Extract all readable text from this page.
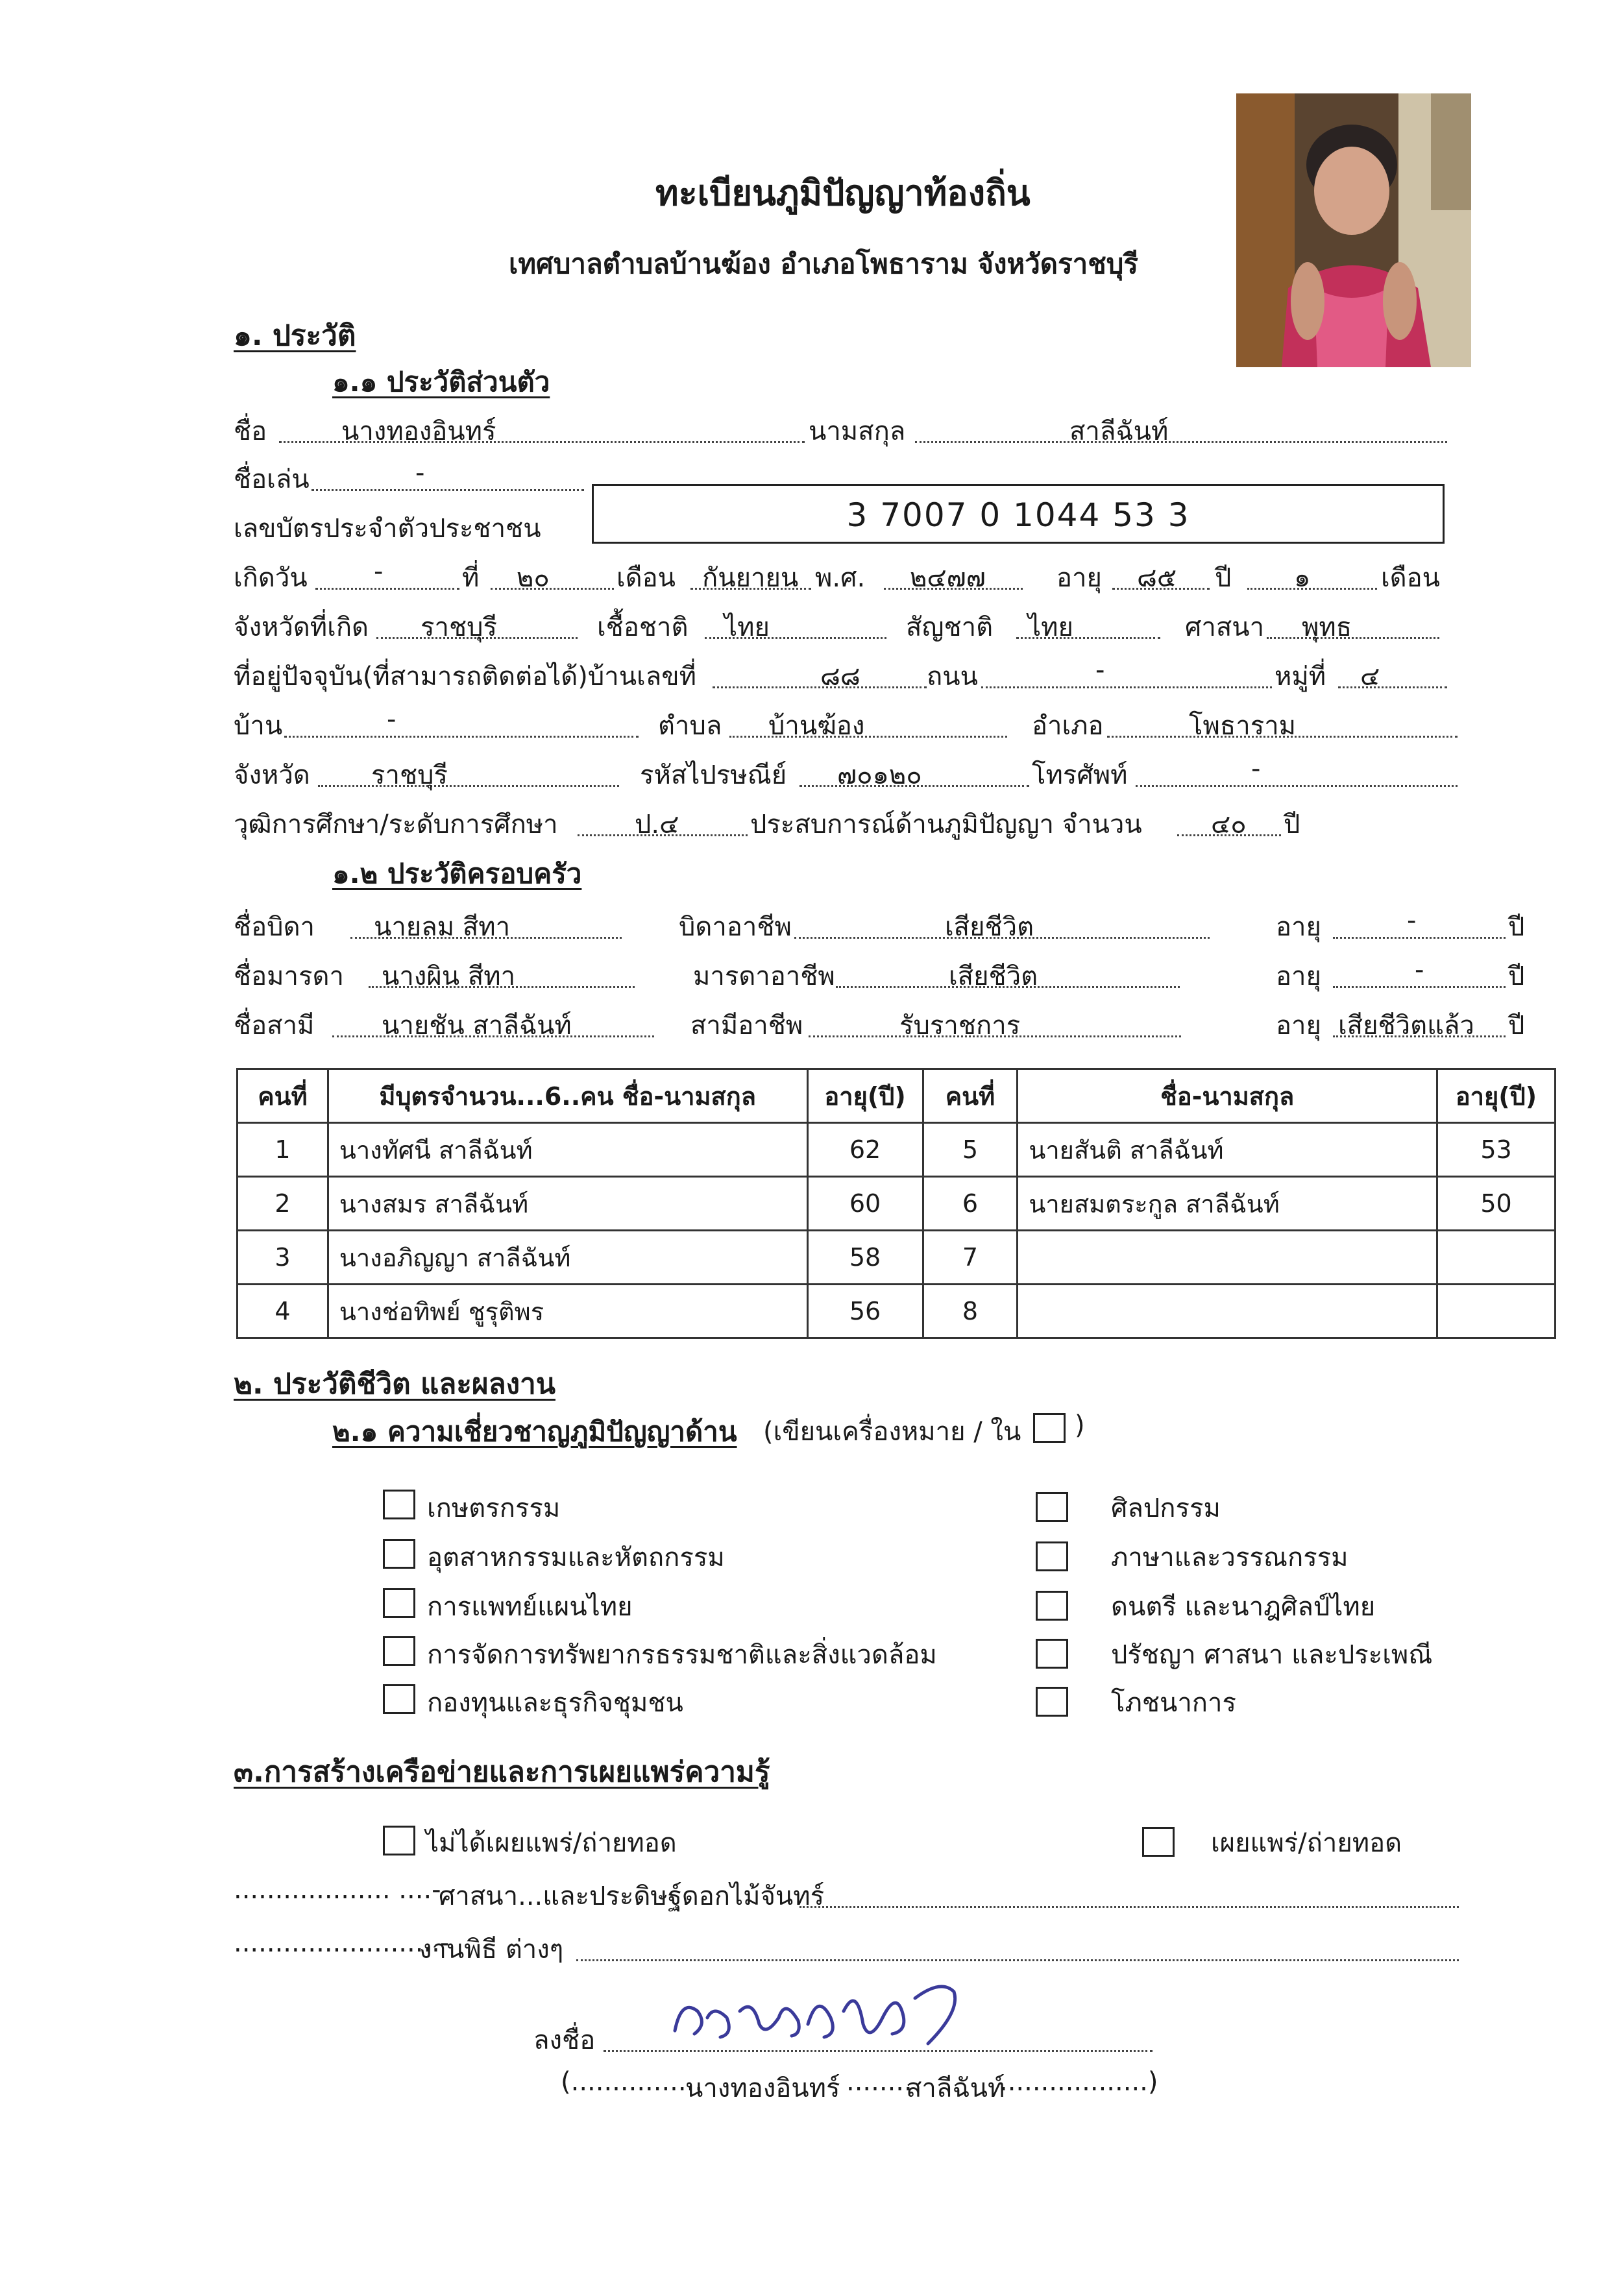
ทะเบียนภูมิปัญญาท้องถิ่น
เทศบาลตำบลบ้านฆ้อง อำเภอโพธาราม จังหวัดราชบุรี
๑. ประวัติ
๑.๑ ประวัติส่วนตัว
ชื่อ	นางทองอินทร์	นามสกุล	สาลีฉันท์
ชื่อเล่น	-
เลขบัตรประจำตัวประชาชน	3 7007 0 1044 53 3
เกิดวัน	-	ที่ ๒๐	เดือน กันยายน พ.ศ. ๒๔๗๗	อายุ ๘๕ ปี ๑	เดือน
จังหวัดที่เกิด ราชบุรี	เชื้อชาติ ไทย	สัญชาติ ไทย	ศาสนา พุทธ
ที่อยู่ปัจจุบัน(ที่สามารถติดต่อได้)บ้านเลขที่	๘๘	ถนน	-	หมู่ที่ ๔
บ้าน	-	ตำบล บ้านฆ้อง	อำเภอ	โพธาราม
จังหวัด ราชบุรี	รหัสไปรษณีย์ ๗๐๑๒๐	โทรศัพท์	-
วุฒิการศึกษา/ระดับการศึกษา	ป.๔	ประสบการณ์ด้านภูมิปัญญา จำนวน	๔๐ ปี
๑.๒ ประวัติครอบครัว
ชื่อบิดา นายลม สีทา	บิดาอาชีพ	เสียชีวิต	อายุ	-	ปี
ชื่อมารดา นางผิน สีทา	มารดาอาชีพ	เสียชีวิต	อายุ	-	ปี
ชื่อสามี	นายชัน สาลีฉันท์	สามีอาชีพ	รับราชการ	อายุ เสียชีวิตแล้ว ปี
คนที่	มีบุตรจำนวน...6..คน ชื่อ-นามสกุล	อายุ(ปี)	คนที่	ชื่อ-นามสกุล	อายุ(ปี)
1	นางทัศนี สาลีฉันท์	62	5	นายสันติ สาลีฉันท์	53
2	นางสมร สาลีฉันท์	60	6	นายสมตระกูล สาลีฉันท์	50
3	นางอภิญญา สาลีฉันท์	58	7		
4	นางช่อทิพย์ ชูรุติพร	56	8		
๒. ประวัติชีวิต และผลงาน
๒.๑ ความเชี่ยวชาญภูมิปัญญาด้าน (เขียนเครื่องหมาย / ใน )
เกษตรกรรม
อุตสาหกรรมและหัตถกรรม
การแพทย์แผนไทย
การจัดการทรัพยากรธรรมชาติและสิ่งแวดล้อม
กองทุนและธุรกิจชุมชน
ศิลปกรรม
ภาษาและวรรณกรรม
ดนตรี และนาฎศิลป์ไทย
ปรัชญา ศาสนา และประเพณี
โภชนาการ
๓.การสร้างเครือข่ายและการเผยแพร่ความรู้
ไม่ได้เผยแพร่/ถ่ายทอด	เผยแพร่/ถ่ายทอด
................... ....-
ศาสนา...และประดิษฐ์ดอกไม้จันทร์
.........................-
งานพิธี ต่างๆ
ลงชื่อ
(................
นางทองอินทร์ ........
สาลีฉันท์
..................)
